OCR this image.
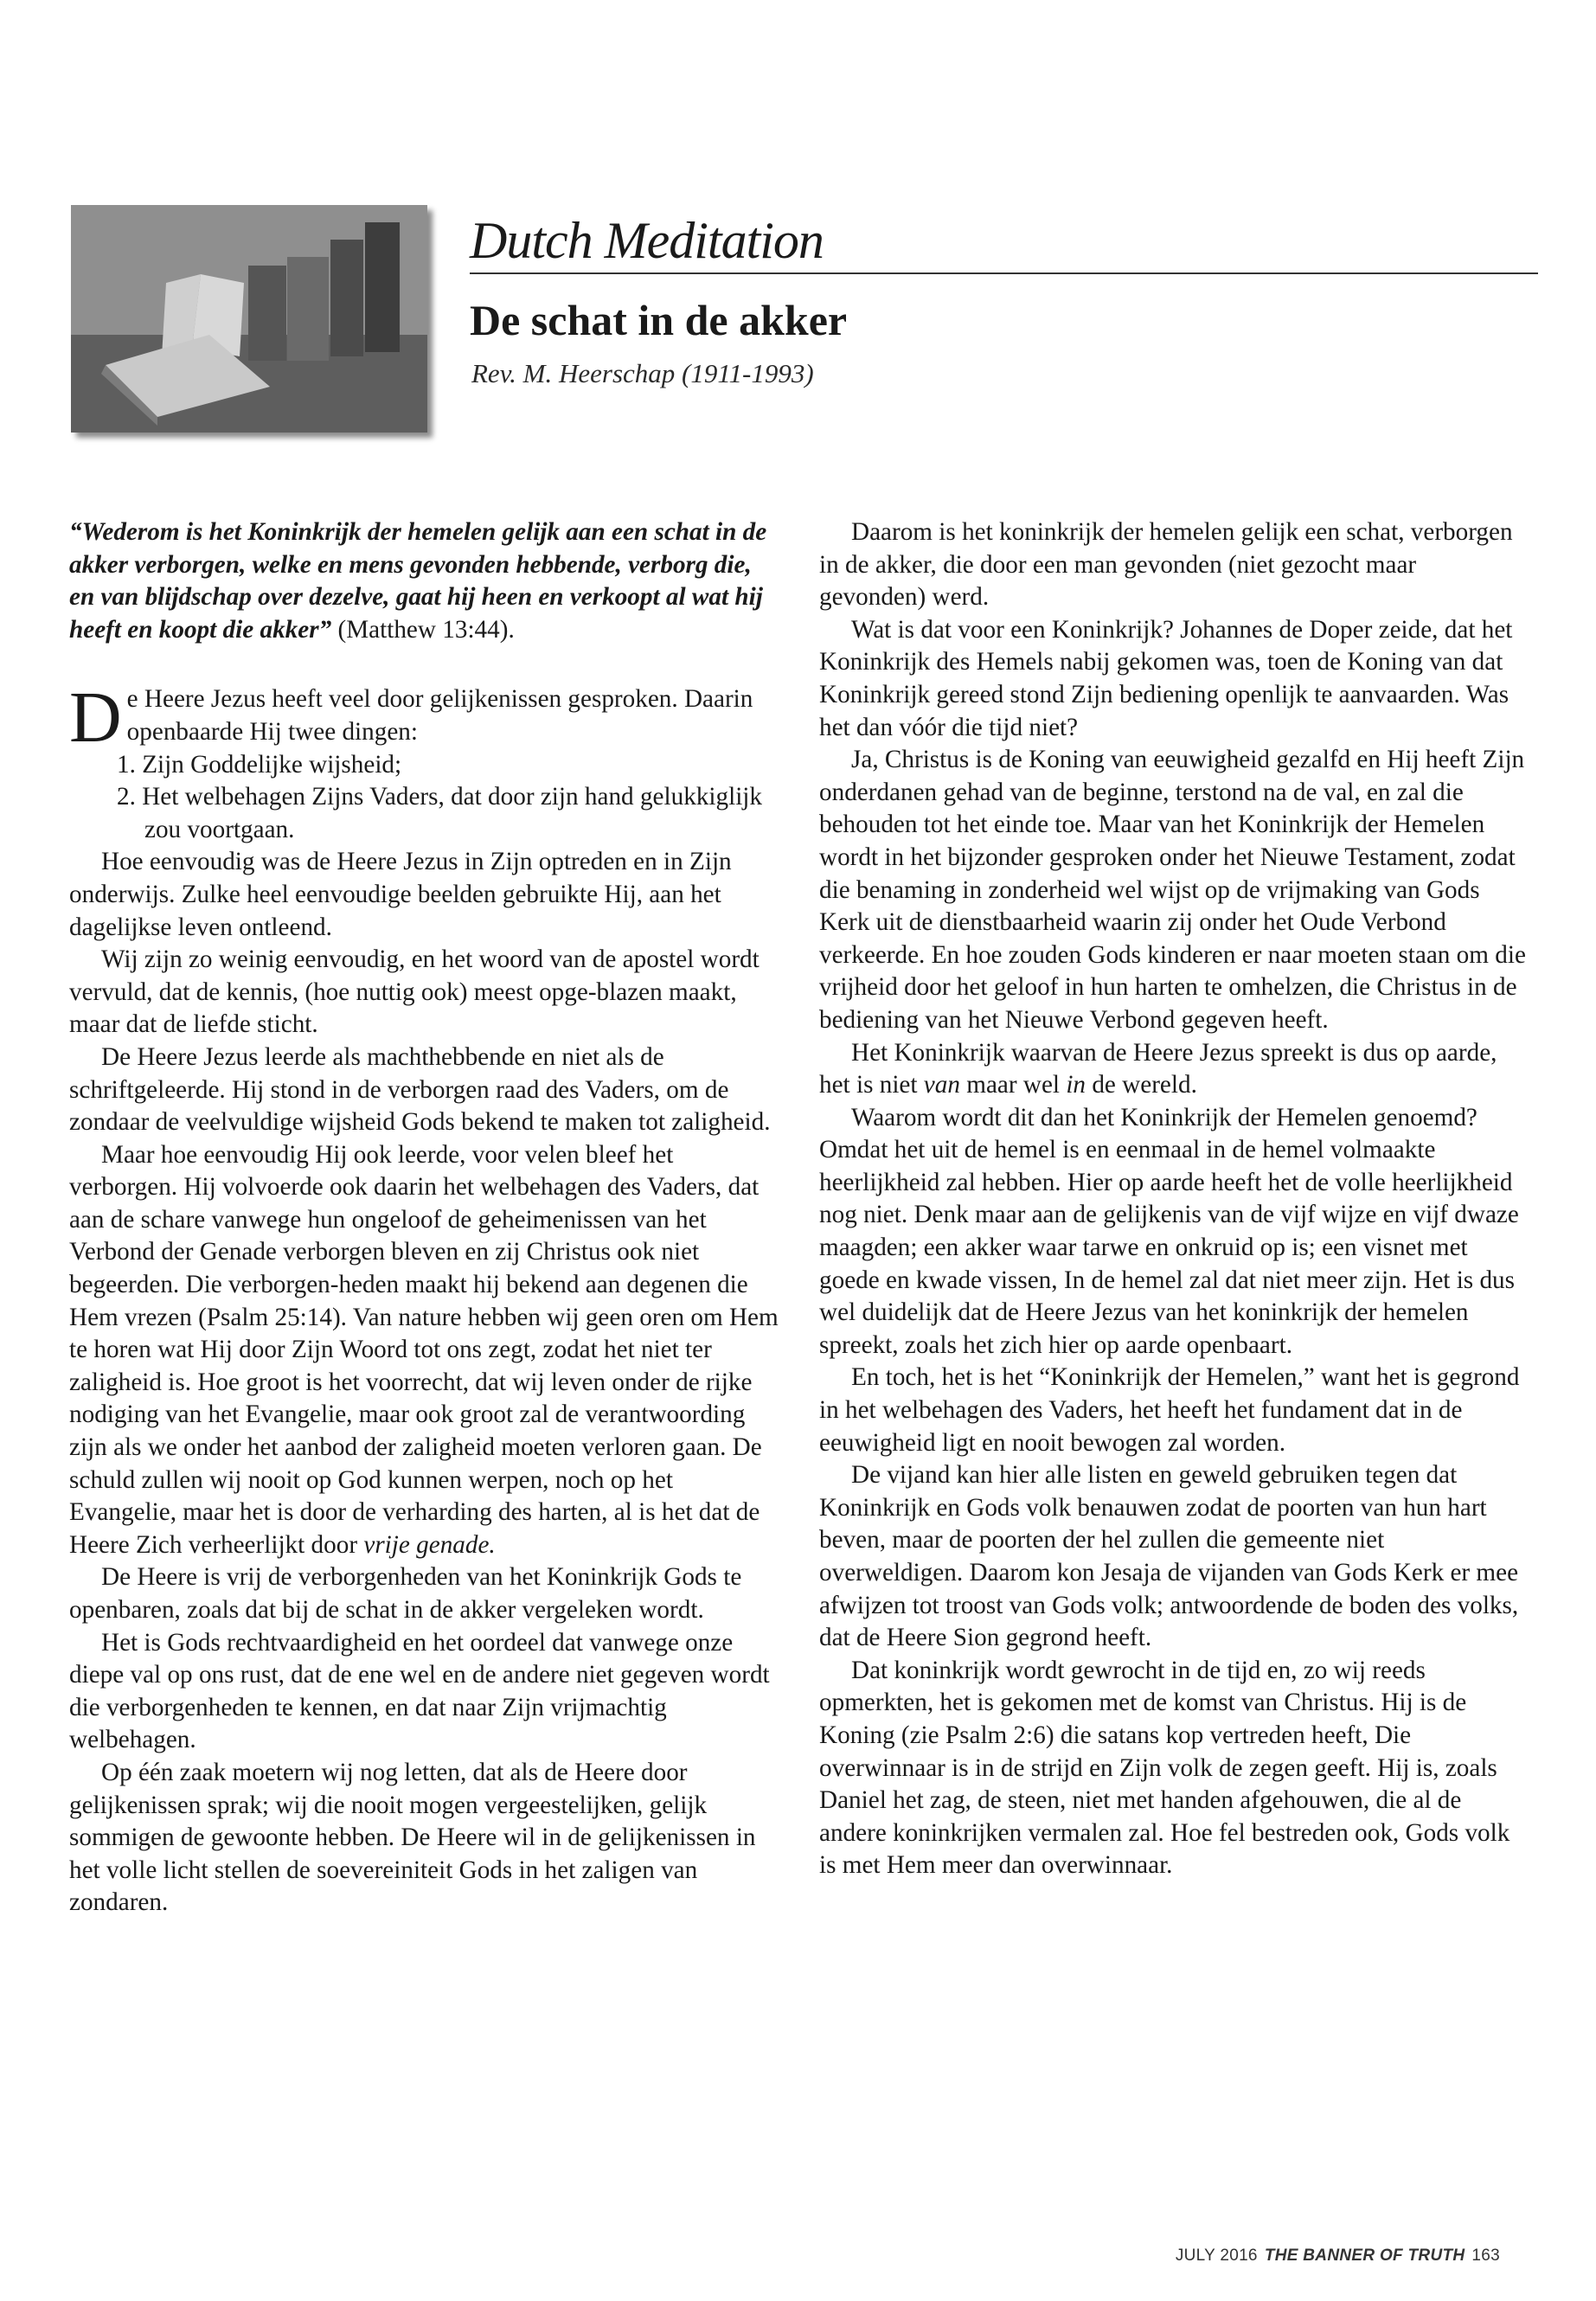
Dutch Meditation
De schat in de akker
Rev. M. Heerschap (1911-1993)

“Wederom is het Koninkrijk der hemelen gelijk aan een schat in de akker verborgen, welke en mens gevonden hebbende, verborg die, en van blijdschap over dezelve, gaat hij heen en verkoopt al wat hij heeft en koopt die akker” (Matthew 13:44).

De Heere Jezus heeft veel door gelijkenissen gesproken. Daarin openbaarde Hij twee dingen:

1. Zijn Goddelijke wijsheid;
2. Het welbehagen Zijns Vaders, dat door zijn hand gelukkiglijk zou voortgaan.

Hoe eenvoudig was de Heere Jezus in Zijn optreden en in Zijn onderwijs. Zulke heel eenvoudige beelden gebruikte Hij, aan het dagelijkse leven ontleend.

Wij zijn zo weinig eenvoudig, en het woord van de apostel wordt vervuld, dat de kennis, (hoe nuttig ook) meest opge-blazen maakt, maar dat de liefde sticht.

De Heere Jezus leerde als machthebbende en niet als de schriftgeleerde. Hij stond in de verborgen raad des Vaders, om de zondaar de veelvuldige wijsheid Gods bekend te maken tot zaligheid.

Maar hoe eenvoudig Hij ook leerde, voor velen bleef het verborgen. Hij volvoerde ook daarin het welbehagen des Vaders, dat aan de schare vanwege hun ongeloof de geheimenissen van het Verbond der Genade verborgen bleven en zij Christus ook niet begeerden. Die verborgen-heden maakt hij bekend aan degenen die Hem vrezen (Psalm 25:14). Van nature hebben wij geen oren om Hem te horen wat Hij door Zijn Woord tot ons zegt, zodat het niet ter zaligheid is. Hoe groot is het voorrecht, dat wij leven onder de rijke nodiging van het Evangelie, maar ook groot zal de verantwoording zijn als we onder het aanbod der zaligheid moeten verloren gaan. De schuld zullen wij nooit op God kunnen werpen, noch op het Evangelie, maar het is door de verharding des harten, al is het dat de Heere Zich verheerlijkt door vrije genade.

De Heere is vrij de verborgenheden van het Koninkrijk Gods te openbaren, zoals dat bij de schat in de akker vergeleken wordt.

Het is Gods rechtvaardigheid en het oordeel dat vanwege onze diepe val op ons rust, dat de ene wel en de andere niet gegeven wordt die verborgenheden te kennen, en dat naar Zijn vrijmachtig welbehagen.

Op één zaak moetern wij nog letten, dat als de Heere door gelijkenissen sprak; wij die nooit mogen vergeestelijken, gelijk sommigen de gewoonte hebben. De Heere wil in de gelijkenissen in het volle licht stellen de soevereiniteit Gods in het zaligen van zondaren.

Daarom is het koninkrijk der hemelen gelijk een schat, verborgen in de akker, die door een man gevonden (niet gezocht maar gevonden) werd.

Wat is dat voor een Koninkrijk? Johannes de Doper zeide, dat het Koninkrijk des Hemels nabij gekomen was, toen de Koning van dat Koninkrijk gereed stond Zijn bediening openlijk te aanvaarden. Was het dan vóór die tijd niet?

Ja, Christus is de Koning van eeuwigheid gezalfd en Hij heeft Zijn onderdanen gehad van de beginne, terstond na de val, en zal die behouden tot het einde toe. Maar van het Koninkrijk der Hemelen wordt in het bijzonder gesproken onder het Nieuwe Testament, zodat die benaming in zonderheid wel wijst op de vrijmaking van Gods Kerk uit de dienstbaarheid waarin zij onder het Oude Verbond verkeerde. En hoe zouden Gods kinderen er naar moeten staan om die vrijheid door het geloof in hun harten te omhelzen, die Christus in de bediening van het Nieuwe Verbond gegeven heeft.

Het Koninkrijk waarvan de Heere Jezus spreekt is dus op aarde, het is niet van maar wel in de wereld.

Waarom wordt dit dan het Koninkrijk der Hemelen genoemd? Omdat het uit de hemel is en eenmaal in de hemel volmaakte heerlijkheid zal hebben. Hier op aarde heeft het de volle heerlijkheid nog niet. Denk maar aan de gelijkenis van de vijf wijze en vijf dwaze maagden; een akker waar tarwe en onkruid op is; een visnet met goede en kwade vissen, In de hemel zal dat niet meer zijn. Het is dus wel duidelijk dat de Heere Jezus van het koninkrijk der hemelen spreekt, zoals het zich hier op aarde openbaart.

En toch, het is het “Koninkrijk der Hemelen,” want het is gegrond in het welbehagen des Vaders, het heeft het fundament dat in de eeuwigheid ligt en nooit bewogen zal worden.

De vijand kan hier alle listen en geweld gebruiken tegen dat Koninkrijk en Gods volk benauwen zodat de poorten van hun hart beven, maar de poorten der hel zullen die gemeente niet overweldigen. Daarom kon Jesaja de vijanden van Gods Kerk er mee afwijzen tot troost van Gods volk; antwoordende de boden des volks, dat de Heere Sion gegrond heeft.

Dat koninkrijk wordt gewrocht in de tijd en, zo wij reeds opmerkten, het is gekomen met de komst van Christus. Hij is de Koning (zie Psalm 2:6) die satans kop vertreden heeft, Die overwinnaar is in de strijd en Zijn volk de zegen geeft. Hij is, zoals Daniel het zag, de steen, niet met handen afgehouwen, die al de andere koninkrijken vermalen zal. Hoe fel bestreden ook, Gods volk is met Hem meer dan overwinnaar.

JULY 2016 THE BANNER OF TRUTH 163
